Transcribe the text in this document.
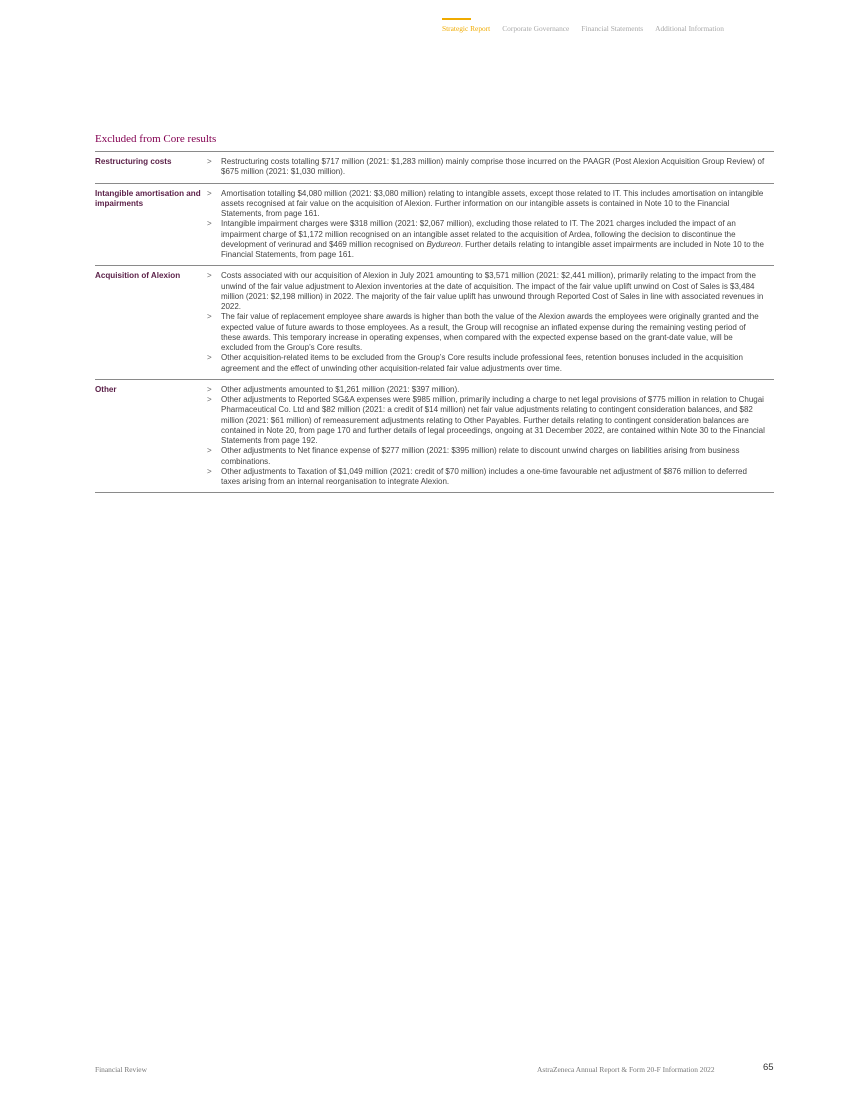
Strategic Report Corporate Governance Financial Statements Additional Information
Excluded from Core results
Restructuring costs	>	Restructuring costs totalling $717 million (2021: $1,283 million) mainly comprise those incurred on the PAAGR (Post Alexion Acquisition Group Review) of $675 million (2021: $1,030 million).
Intangible amortisation and impairments
>	Amortisation totalling $4,080 million (2021: $3,080 million) relating to intangible assets, except those related to IT. This includes amortisation on intangible assets recognised at fair value on the acquisition of Alexion. Further information on our intangible assets is contained in Note 10 to the Financial Statements, from page 161.
>	Intangible impairment charges were $318 million (2021: $2,067 million), excluding those related to IT. The 2021 charges included the impact of an impairment charge of $1,172 million recognised on an intangible asset related to the acquisition of Ardea, following the decision to discontinue the development of verinurad and $469 million recognised on Bydureon. Further details relating to intangible asset impairments are included in Note 10 to the Financial Statements, from page 161.
Acquisition of Alexion	>	Costs associated with our acquisition of Alexion in July 2021 amounting to $3,571 million (2021: $2,441 million), primarily relating to the impact from the unwind of the fair value adjustment to Alexion inventories at the date of acquisition. The impact of the fair value uplift unwind on Cost of Sales is $3,484 million (2021: $2,198 million) in 2022. The majority of the fair value uplift has unwound through Reported Cost of Sales in line with associated revenues in 2022.
>	The fair value of replacement employee share awards is higher than both the value of the Alexion awards the employees were originally granted and the expected value of future awards to those employees. As a result, the Group will recognise an inflated expense during the remaining vesting period of these awards. This temporary increase in operating expenses, when compared with the expected expense based on the grant-date value, will be excluded from the Group’s Core results.
>	Other acquisition-related items to be excluded from the Group’s Core results include professional fees, retention bonuses included in the acquisition agreement and the effect of unwinding other acquisition-related fair value adjustments over time.
Other	>	Other adjustments amounted to $1,261 million (2021: $397 million).
>	Other adjustments to Reported SG&A expenses were $985 million, primarily including a charge to net legal provisions of $775 million in relation to Chugai Pharmaceutical Co. Ltd and $82 million (2021: a credit of $14 million) net fair value adjustments relating to contingent consideration balances, and $82 million (2021: $61 million) of remeasurement adjustments relating to Other Payables. Further details relating to contingent consideration balances are contained in Note 20, from page 170 and further details of legal proceedings, ongoing at 31 December 2022, are contained within Note 30 to the Financial Statements from page 192.
>	Other adjustments to Net finance expense of $277 million (2021: $395 million) relate to discount unwind charges on liabilities arising from business combinations.
>	Other adjustments to Taxation of $1,049 million (2021: credit of $70 million) includes a one-time favourable net adjustment of $876 million to deferred taxes arising from an internal reorganisation to integrate Alexion.
Financial Review	AstraZeneca Annual Report & Form 20-F Information 2022	65
